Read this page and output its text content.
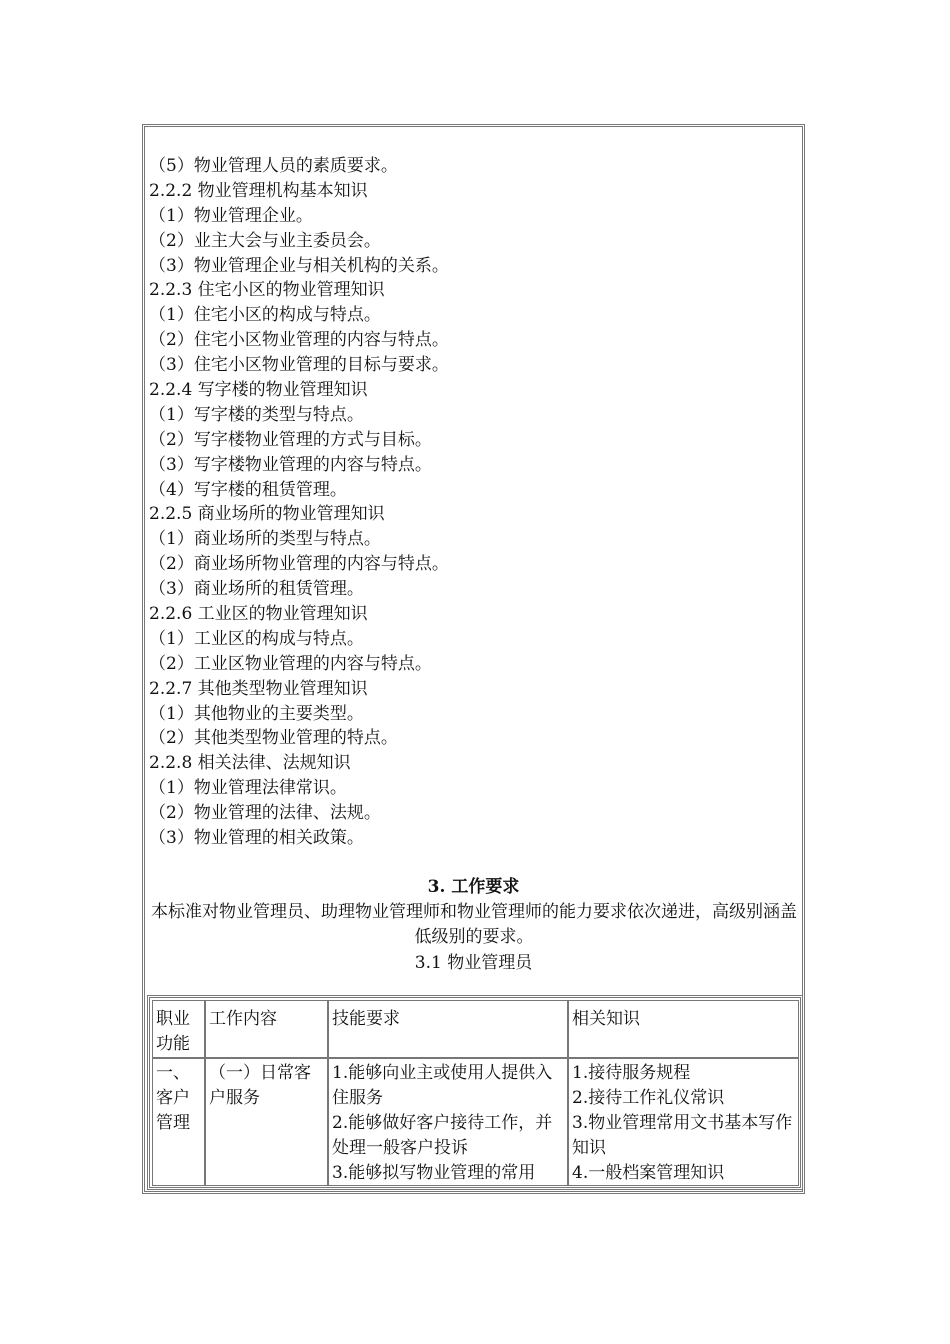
（5）物业管理人员的素质要求。
2.2.2 物业管理机构基本知识
（1）物业管理企业。
（2）业主大会与业主委员会。
（3）物业管理企业与相关机构的关系。
2.2.3 住宅小区的物业管理知识
（1）住宅小区的构成与特点。
（2）住宅小区物业管理的内容与特点。
（3）住宅小区物业管理的目标与要求。
2.2.4 写字楼的物业管理知识
（1）写字楼的类型与特点。
（2）写字楼物业管理的方式与目标。
（3）写字楼物业管理的内容与特点。
（4）写字楼的租赁管理。
2.2.5 商业场所的物业管理知识
（1）商业场所的类型与特点。
（2）商业场所物业管理的内容与特点。
（3）商业场所的租赁管理。
2.2.6 工业区的物业管理知识
（1）工业区的构成与特点。
（2）工业区物业管理的内容与特点。
2.2.7 其他类型物业管理知识
（1）其他物业的主要类型。
（2）其他类型物业管理的特点。
2.2.8 相关法律、法规知识
（1）物业管理法律常识。
（2）物业管理的法律、法规。
（3）物业管理的相关政策。
3. 工作要求
本标准对物业管理员、助理物业管理师和物业管理师的能力要求依次递进，高级别涵盖低级别的要求。
3.1 物业管理员
职业功能
工作内容	技能要求	相关知识
一、客户管理
（一）日常客户服务
1.能够向业主或使用人提供入住服务
2.能够做好客户接待工作，并处理一般客户投诉
3.能够拟写物业管理的常用
1.接待服务规程
2.接待工作礼仪常识
3.物业管理常用文书基本写作知识
4.一般档案管理知识
